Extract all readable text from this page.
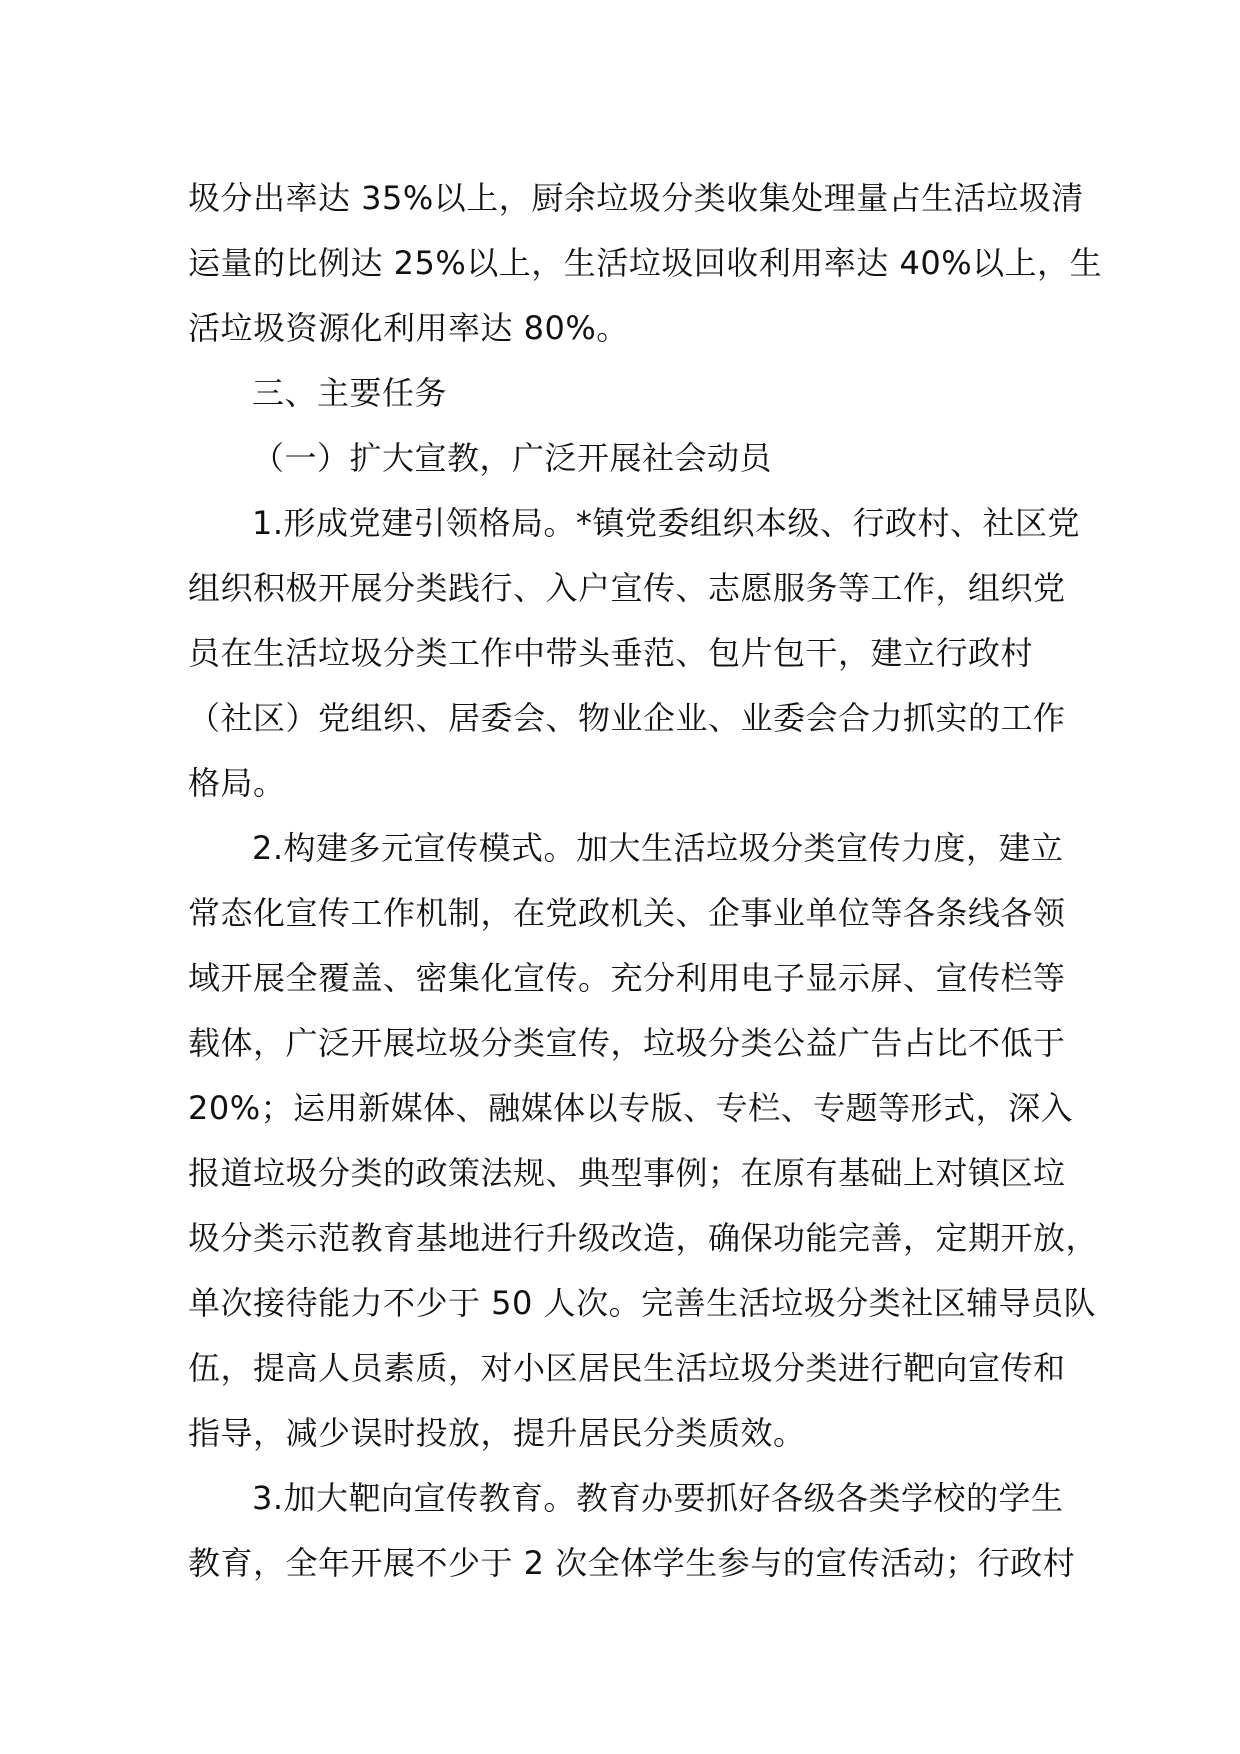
圾分出率达 35%以上，厨余垃圾分类收集处理量占生活垃圾清
运量的比例达 25%以上，生活垃圾回收利用率达 40%以上，生
活垃圾资源化利用率达 80%。
三、主要任务
（一）扩大宣教，广泛开展社会动员
1.形成党建引领格局。*镇党委组织本级、行政村、社区党
组织积极开展分类践行、入户宣传、志愿服务等工作，组织党
员在生活垃圾分类工作中带头垂范、包片包干，建立行政村
（社区）党组织、居委会、物业企业、业委会合力抓实的工作
格局。
2.构建多元宣传模式。加大生活垃圾分类宣传力度，建立
常态化宣传工作机制，在党政机关、企事业单位等各条线各领
域开展全覆盖、密集化宣传。充分利用电子显示屏、宣传栏等
载体，广泛开展垃圾分类宣传，垃圾分类公益广告占比不低于
20%；运用新媒体、融媒体以专版、专栏、专题等形式，深入
报道垃圾分类的政策法规、典型事例；在原有基础上对镇区垃
圾分类示范教育基地进行升级改造，确保功能完善，定期开放，
单次接待能力不少于 50 人次。完善生活垃圾分类社区辅导员队
伍，提高人员素质，对小区居民生活垃圾分类进行靶向宣传和
指导，减少误时投放，提升居民分类质效。
3.加大靶向宣传教育。教育办要抓好各级各类学校的学生
教育，全年开展不少于 2 次全体学生参与的宣传活动；行政村
